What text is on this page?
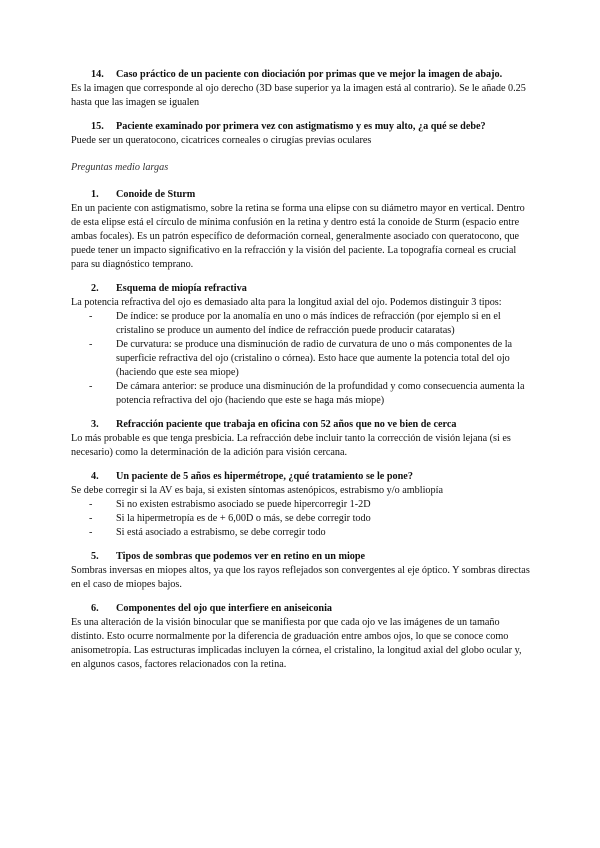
14.	Caso práctico de un paciente con diociación por primas que ve mejor la imagen de abajo.

Es la imagen que corresponde al ojo derecho (3D base superior ya la imagen está al contrario). Se le añade 0.25 hasta que las imagen se igualen

15.	Paciente examinado por primera vez con astigmatismo y es muy alto, ¿a qué se debe?

Puede ser un queratocono, cicatrices corneales o cirugías previas oculares

Preguntas medio largas

1.	Conoide de Sturm

En un paciente con astigmatismo, sobre la retina se forma una elipse con su diámetro mayor en vertical. Dentro de esta elipse está el círculo de mínima confusión en la retina y dentro está la conoide de Sturm (espacio entre ambas focales). Es un patrón específico de deformación corneal, generalmente asociado con queratocono, que puede tener un impacto significativo en la refracción y la visión del paciente. La topografía corneal es crucial para su diagnóstico temprano.

2.	Esquema de miopía refractiva

La potencia refractiva del ojo es demasiado alta para la longitud axial del ojo. Podemos distinguir 3 tipos:

- De índice: se produce por la anomalía en uno o más índices de refracción (por ejemplo si en el cristalino se produce un aumento del índice de refracción puede producir cataratas)
- De curvatura: se produce una disminución de radio de curvatura de uno o más componentes de la superficie refractiva del ojo (cristalino o córnea). Esto hace que aumente la potencia total del ojo (haciendo que este sea miope)
- De cámara anterior: se produce una disminución de la profundidad y como consecuencia aumenta la potencia refractiva del ojo (haciendo que este se haga más miope)
3.	Refracción paciente que trabaja en oficina con 52 años que no ve bien de cerca

Lo más probable es que tenga presbicia. La refracción debe incluir tanto la corrección de visión lejana (si es necesario) como la determinación de la adición para visión cercana.

4.	Un paciente de 5 años es hipermétrope, ¿qué tratamiento se le pone?

Se debe corregir si la AV es baja, si existen síntomas astenópicos, estrabismo y/o ambliopía

- Si no existen estrabismo asociado se puede hipercorregir 1-2D
- Si la hipermetropía es de + 6,00D o más, se debe corregir todo
- Si está asociado a estrabismo, se debe corregir todo
5.	Tipos de sombras que podemos ver en retino en un miope

Sombras inversas en miopes altos, ya que los rayos reflejados son convergentes al eje óptico. Y sombras directas en el caso de miopes bajos.

6.	Componentes del ojo que interfiere en aniseiconia

Es una alteración de la visión binocular que se manifiesta por que cada ojo ve las imágenes de un tamaño distinto. Esto ocurre normalmente por la diferencia de graduación entre ambos ojos, lo que se conoce como anisometropía. Las estructuras implicadas incluyen la córnea, el cristalino, la longitud axial del globo ocular y, en algunos casos, factores relacionados con la retina.
